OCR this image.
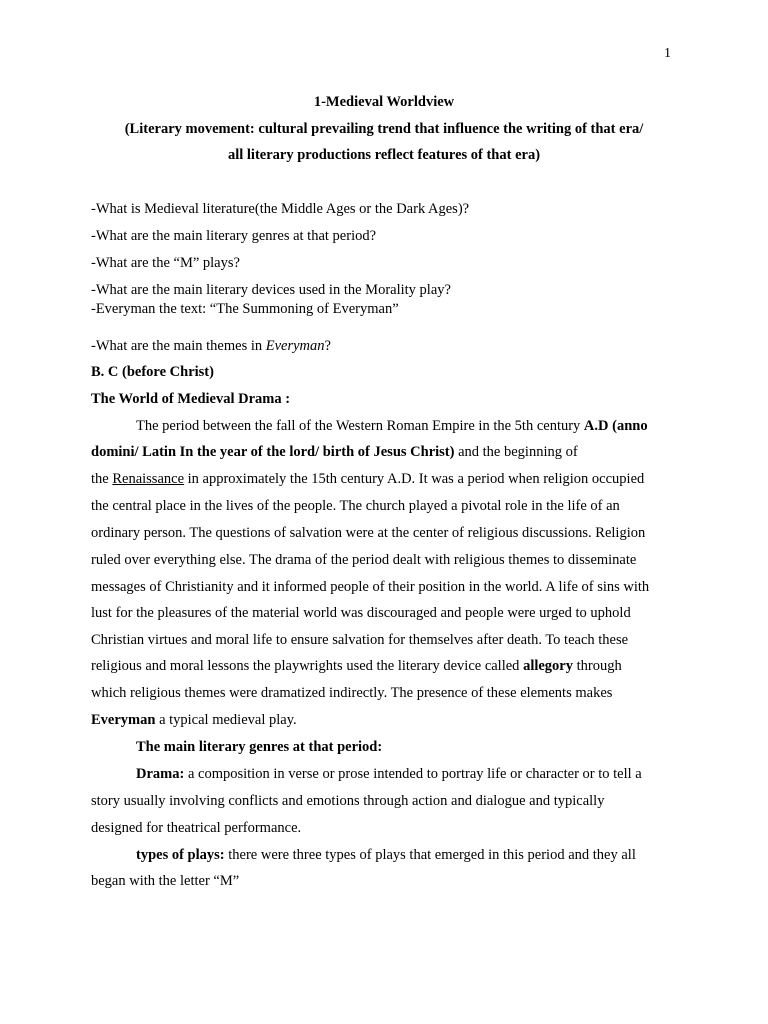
1
1-Medieval Worldview
(Literary movement: cultural prevailing trend that influence the writing of that era/
all literary productions reflect features of that era)
-What is Medieval literature(the Middle Ages or the Dark Ages)?
-What are the main literary genres at that period?
-What are the “M” plays?
-What are the main literary devices used in the Morality play?
-Everyman the text: “The Summoning of Everyman”
-What are the main themes in Everyman?
B. C (before Christ)
The World of Medieval Drama :
The period between the fall of the Western Roman Empire in the 5th century A.D (anno
domini/ Latin In the year of the lord/ birth of Jesus Christ) and the beginning of
the Renaissance in approximately the 15th century A.D. It was a period when religion occupied
the central place in the lives of the people. The church played a pivotal role in the life of an
ordinary person. The questions of salvation were at the center of religious discussions. Religion
ruled over everything else. The drama of the period dealt with religious themes to disseminate
messages of Christianity and it informed people of their position in the world. A life of sins with
lust for the pleasures of the material world was discouraged and people were urged to uphold
Christian virtues and moral life to ensure salvation for themselves after death. To teach these
religious and moral lessons the playwrights used the literary device called allegory through
which religious themes were dramatized indirectly. The presence of these elements makes
Everyman a typical medieval play.
The main literary genres at that period:
Drama: a composition in verse or prose intended to portray life or character or to tell a
story usually involving conflicts and emotions through action and dialogue and typically
designed for theatrical performance.
types of plays: there were three types of plays that emerged in this period and they all
began with the letter “M”
